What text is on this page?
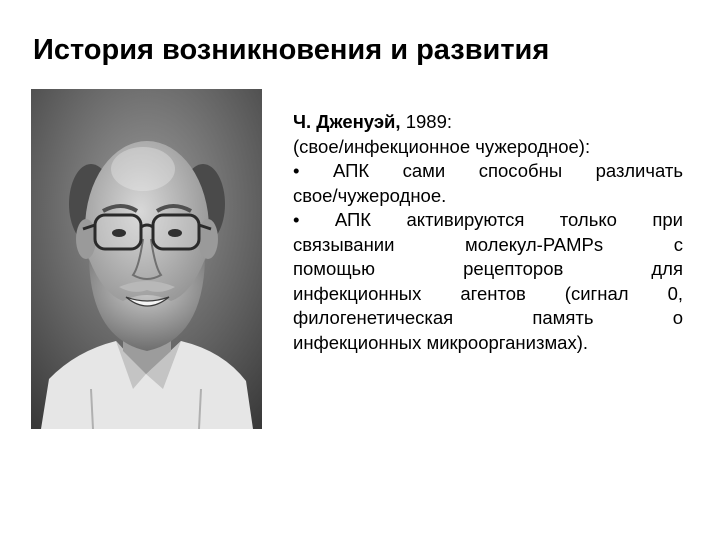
История возникновения и развития
Ч. Дженуэй, 1989:
(свое/инфекционное чужеродное):
• АПК сами способны различать
свое/чужеродное.
• АПК активируются только при
связывании молекул-PAMPs с
помощью рецепторов для
инфекционных агентов (сигнал 0,
филогенетическая память о
инфекционных микроорганизмах).
